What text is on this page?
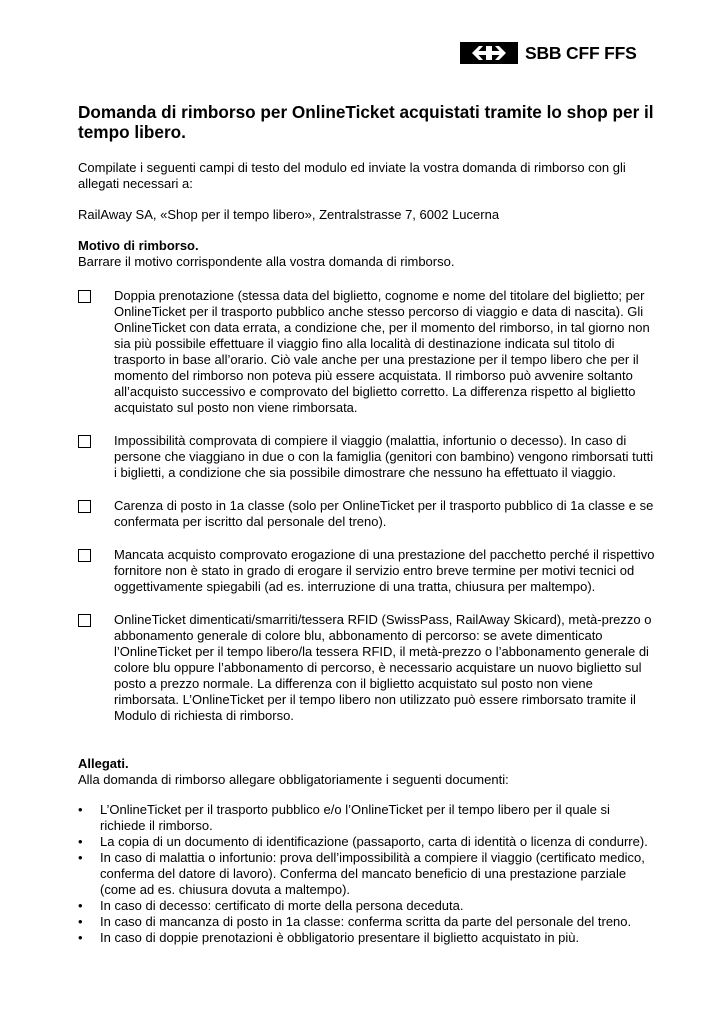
SBB CFF FFS
Domanda di rimborso per OnlineTicket acquistati tramite lo shop per il tempo libero.

Compilate i seguenti campi di testo del modulo ed inviate la vostra domanda di rimborso con gli allegati necessari a:

RailAway SA, «Shop per il tempo libero», Zentralstrasse 7, 6002 Lucerna

Motivo di rimborso.

Barrare il motivo corrispondente alla vostra domanda di rimborso.

Doppia prenotazione (stessa data del biglietto, cognome e nome del titolare del biglietto; per OnlineTicket per il trasporto pubblico anche stesso percorso di viaggio e data di nascita). Gli OnlineTicket con data errata, a condizione che, per il momento del rimborso, in tal giorno non sia più possibile effettuare il viaggio fino alla località di destinazione indicata sul titolo di trasporto in base all’orario. Ciò vale anche per una prestazione per il tempo libero che per il momento del rimborso non poteva più essere acquistata. Il rimborso può avvenire soltanto all’acquisto successivo e comprovato del biglietto corretto. La differenza rispetto al biglietto acquistato sul posto non viene rimborsata.

Impossibilità comprovata di compiere il viaggio (malattia, infortunio o decesso). In caso di persone che viaggiano in due o con la famiglia (genitori con bambino) vengono rimborsati tutti i biglietti, a condizione che sia possibile dimostrare che nessuno ha effettuato il viaggio.

Carenza di posto in 1a classe (solo per OnlineTicket per il trasporto pubblico di 1a classe e se confermata per iscritto dal personale del treno).

Mancata acquisto comprovato erogazione di una prestazione del pacchetto perché il rispettivo fornitore non è stato in grado di erogare il servizio entro breve termine per motivi tecnici od oggettivamente spiegabili (ad es. interruzione di una tratta, chiusura per maltempo).

OnlineTicket dimenticati/smarriti/tessera RFID (SwissPass, RailAway Skicard), metà-prezzo o abbonamento generale di colore blu, abbonamento di percorso: se avete dimenticato l’OnlineTicket per il tempo libero/la tessera RFID, il metà-prezzo o l’abbonamento generale di colore blu oppure l’abbonamento di percorso, è necessario acquistare un nuovo biglietto sul posto a prezzo normale. La differenza con il biglietto acquistato sul posto non viene rimborsata. L’OnlineTicket per il tempo libero non utilizzato può essere rimborsato tramite il Modulo di richiesta di rimborso.

Allegati.

Alla domanda di rimborso allegare obbligatoriamente i seguenti documenti:

•	L’OnlineTicket per il trasporto pubblico e/o l’OnlineTicket per il tempo libero per il quale si richiede il rimborso.
•	La copia di un documento di identificazione (passaporto, carta di identità o licenza di condurre).
•	In caso di malattia o infortunio: prova dell’impossibilità a compiere il viaggio (certificato medico, conferma del datore di lavoro). Conferma del mancato beneficio di una prestazione parziale (come ad es. chiusura dovuta a maltempo).
•	In caso di decesso: certificato di morte della persona deceduta.
•	In caso di mancanza di posto in 1a classe: conferma scritta da parte del personale del treno.
•	In caso di doppie prenotazioni è obbligatorio presentare il biglietto acquistato in più.
